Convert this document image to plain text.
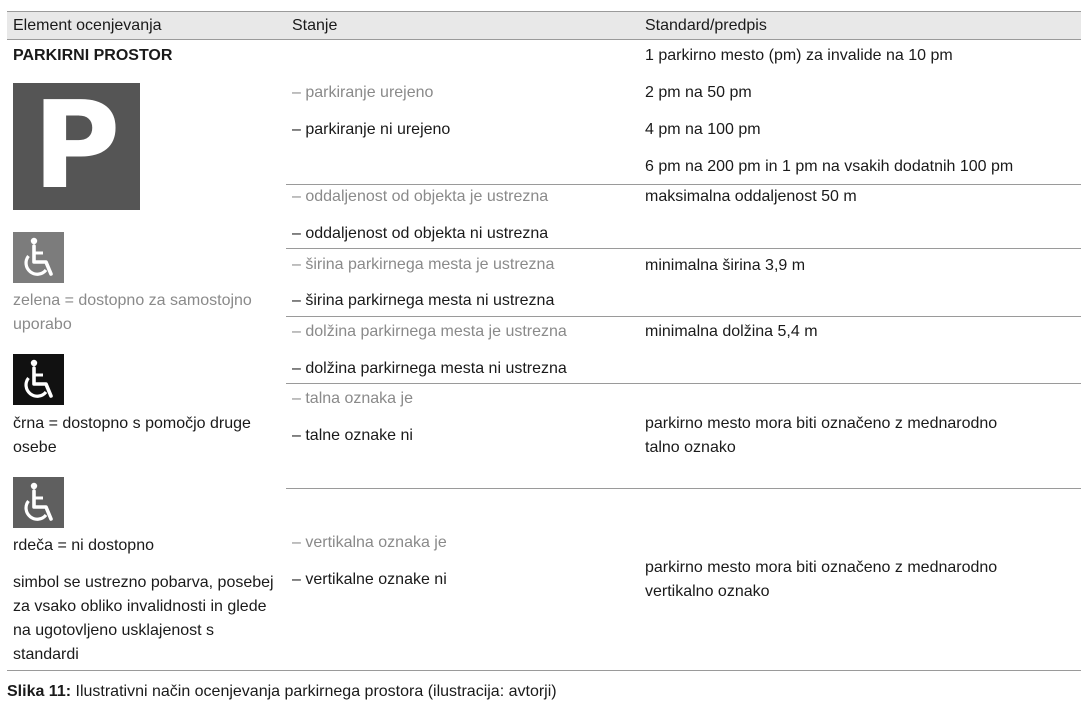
Element ocenjevanja	Stanje	Standard/predpis
PARKIRNI PROSTOR
P
zelena = dostopno za samostojno uporabo
črna = dostopno s pomočjo druge osebe
rdeča = ni dostopno
simbol se ustrezno pobarva, posebej za vsako obliko invalidnosti in glede na ugotovljeno usklajenost s standardi
– parkiranje urejeno
– parkiranje ni urejeno
1 parkirno mesto (pm) za invalide na 10 pm
2 pm na 50 pm
4 pm na 100 pm
6 pm na 200 pm in 1 pm na vsakih dodatnih 100 pm
– oddaljenost od objekta je ustrezna
– oddaljenost od objekta ni ustrezna
maksimalna oddaljenost 50 m
– širina parkirnega mesta je ustrezna
– širina parkirnega mesta ni ustrezna
minimalna širina 3,9 m
– dolžina parkirnega mesta je ustrezna
– dolžina parkirnega mesta ni ustrezna
minimalna dolžina 5,4 m
– talna oznaka je
– talne oznake ni
parkirno mesto mora biti označeno z mednarodno
talno oznako
– vertikalna oznaka je
– vertikalne oznake ni
parkirno mesto mora biti označeno z mednarodno
vertikalno oznako
Slika 11: Ilustrativni način ocenjevanja parkirnega prostora (ilustracija: avtorji)
